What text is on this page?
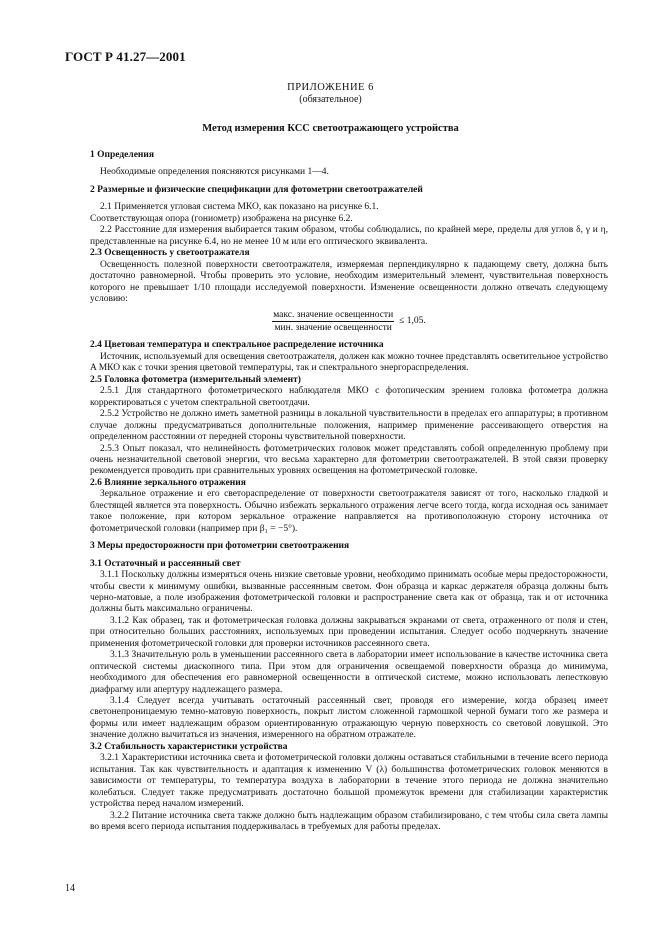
ГОСТ Р 41.27—2001
ПРИЛОЖЕНИЕ 6
(обязательное)
Метод измерения КСС светоотражающего устройства

1 Определения

Необходимые определения поясняются рисунками 1—4.

2 Размерные и физические спецификации для фотометрии светоотражателей

2.1 Применяется угловая система МКО, как показано на рисунке 6.1.

Соответствующая опора (гониометр) изображена на рисунке 6.2.

2.2 Расстояние для измерения выбирается таким образом, чтобы соблюдались, по крайней мере, пределы для углов δ, γ и η, представленные на рисунке 6.4, но не менее 10 м или его оптического эквивалента.

2.3 Освещенность у светоотражателя

Освещенность полезной поверхности светоотражателя, измеряемая перпендикулярно к падающему свету, должна быть достаточно равномерной. Чтобы проверить это условие, необходим измерительный элемент, чувствительная поверхность которого не превышает 1/10 площади исследуемой поверхности. Изменение освещенности должно отвечать следующему условию:

$\frac{\text{макс. значение освещенности}}{\text{мин. значение освещенности}} \le 1,05$.

2.4 Цветовая температура и спектральное распределение источника

Источник, используемый для освещения светоотражателя, должен как можно точнее представлять осветительное устройство A МКО как с точки зрения цветовой температуры, так и спектрального энергораспределения.

2.5 Головка фотометра (измерительный элемент)

2.5.1 Для стандартного фотометрического наблюдателя МКО с фотопическим зрением головка фотометра должна корректироваться с учетом спектральной светоотдачи.

2.5.2 Устройство не должно иметь заметной разницы в локальной чувствительности в пределах его аппаратуры; в противном случае должны предусматриваться дополнительные положения, например применение рассеивающего отверстия на определенном расстоянии от передней стороны чувствительной поверхности.

2.5.3 Опыт показал, что нелинейность фотометрических головок может представлять собой определенную проблему при очень незначительной световой энергии, что весьма характерно для фотометрии светоотражателей. В этой связи проверку рекомендуется проводить при сравнительных уровнях освещения на фотометрической головке.

2.6 Влияние зеркального отражения

Зеркальное отражение и его светораспределение от поверхности светоотражателя зависят от того, насколько гладкой и блестящей является эта поверхность. Обычно избежать зеркального отражения легче всего тогда, когда исходная ось занимает такое положение, при котором зеркальное отражение направляется на противоположную сторону источника от фотометрической головки (например при β₁ = −5°).

3 Меры предосторожности при фотометрии светоотражения

3.1 Остаточный и рассеянный свет

3.1.1 Поскольку должны измеряться очень низкие световые уровни, необходимо принимать особые меры предосторожности, чтобы свести к минимуму ошибки, вызванные рассеянным светом. Фон образца и каркас держателя образца должны быть черно-матовые, а поле изображения фотометрической головки и распространение света как от образца, так и от источника должны быть максимально ограничены.

3.1.2 Как образец, так и фотометрическая головка должны закрываться экранами от света, отраженного от поля и стен, при относительно больших расстояниях, используемых при проведении испытания. Следует особо подчеркнуть значение применения фотометрической головки для проверки источников рассеянного света.

3.1.3 Значительную роль в уменьшении рассеянного света в лаборатории имеет использование в качестве источника света оптической системы диаскопного типа. При этом для ограничения освещаемой поверхности образца до минимума, необходимого для обеспечения его равномерной освещенности в оптической системе, можно использовать лепестковую диафрагму или апертуру надлежащего размера.

3.1.4 Следует всегда учитывать остаточный рассеянный свет, проводя его измерение, когда образец имеет светонепроницаемую темно-матовую поверхность, покрыт листом сложенной гармошкой черной бумаги того же размера и формы или имеет надлежащим образом ориентированную отражающую черную поверхность со световой ловушкой. Это значение должно вычитаться из значения, измеренного на обратном отражателе.

3.2 Стабильность характеристики устройства

3.2.1 Характеристики источника света и фотометрической головки должны оставаться стабильными в течение всего периода испытания. Так как чувствительность и адаптация к изменению V (λ) большинства фотометрических головок меняются в зависимости от температуры, то температура воздуха в лаборатории в течение этого периода не должна значительно колебаться. Следует также предусматривать достаточно большой промежуток времени для стабилизации характеристик устройства перед началом измерений.

3.2.2 Питание источника света также должно быть надлежащим образом стабилизировано, с тем чтобы сила света лампы во время всего периода испытания поддерживалась в требуемых для работы пределах.

14
